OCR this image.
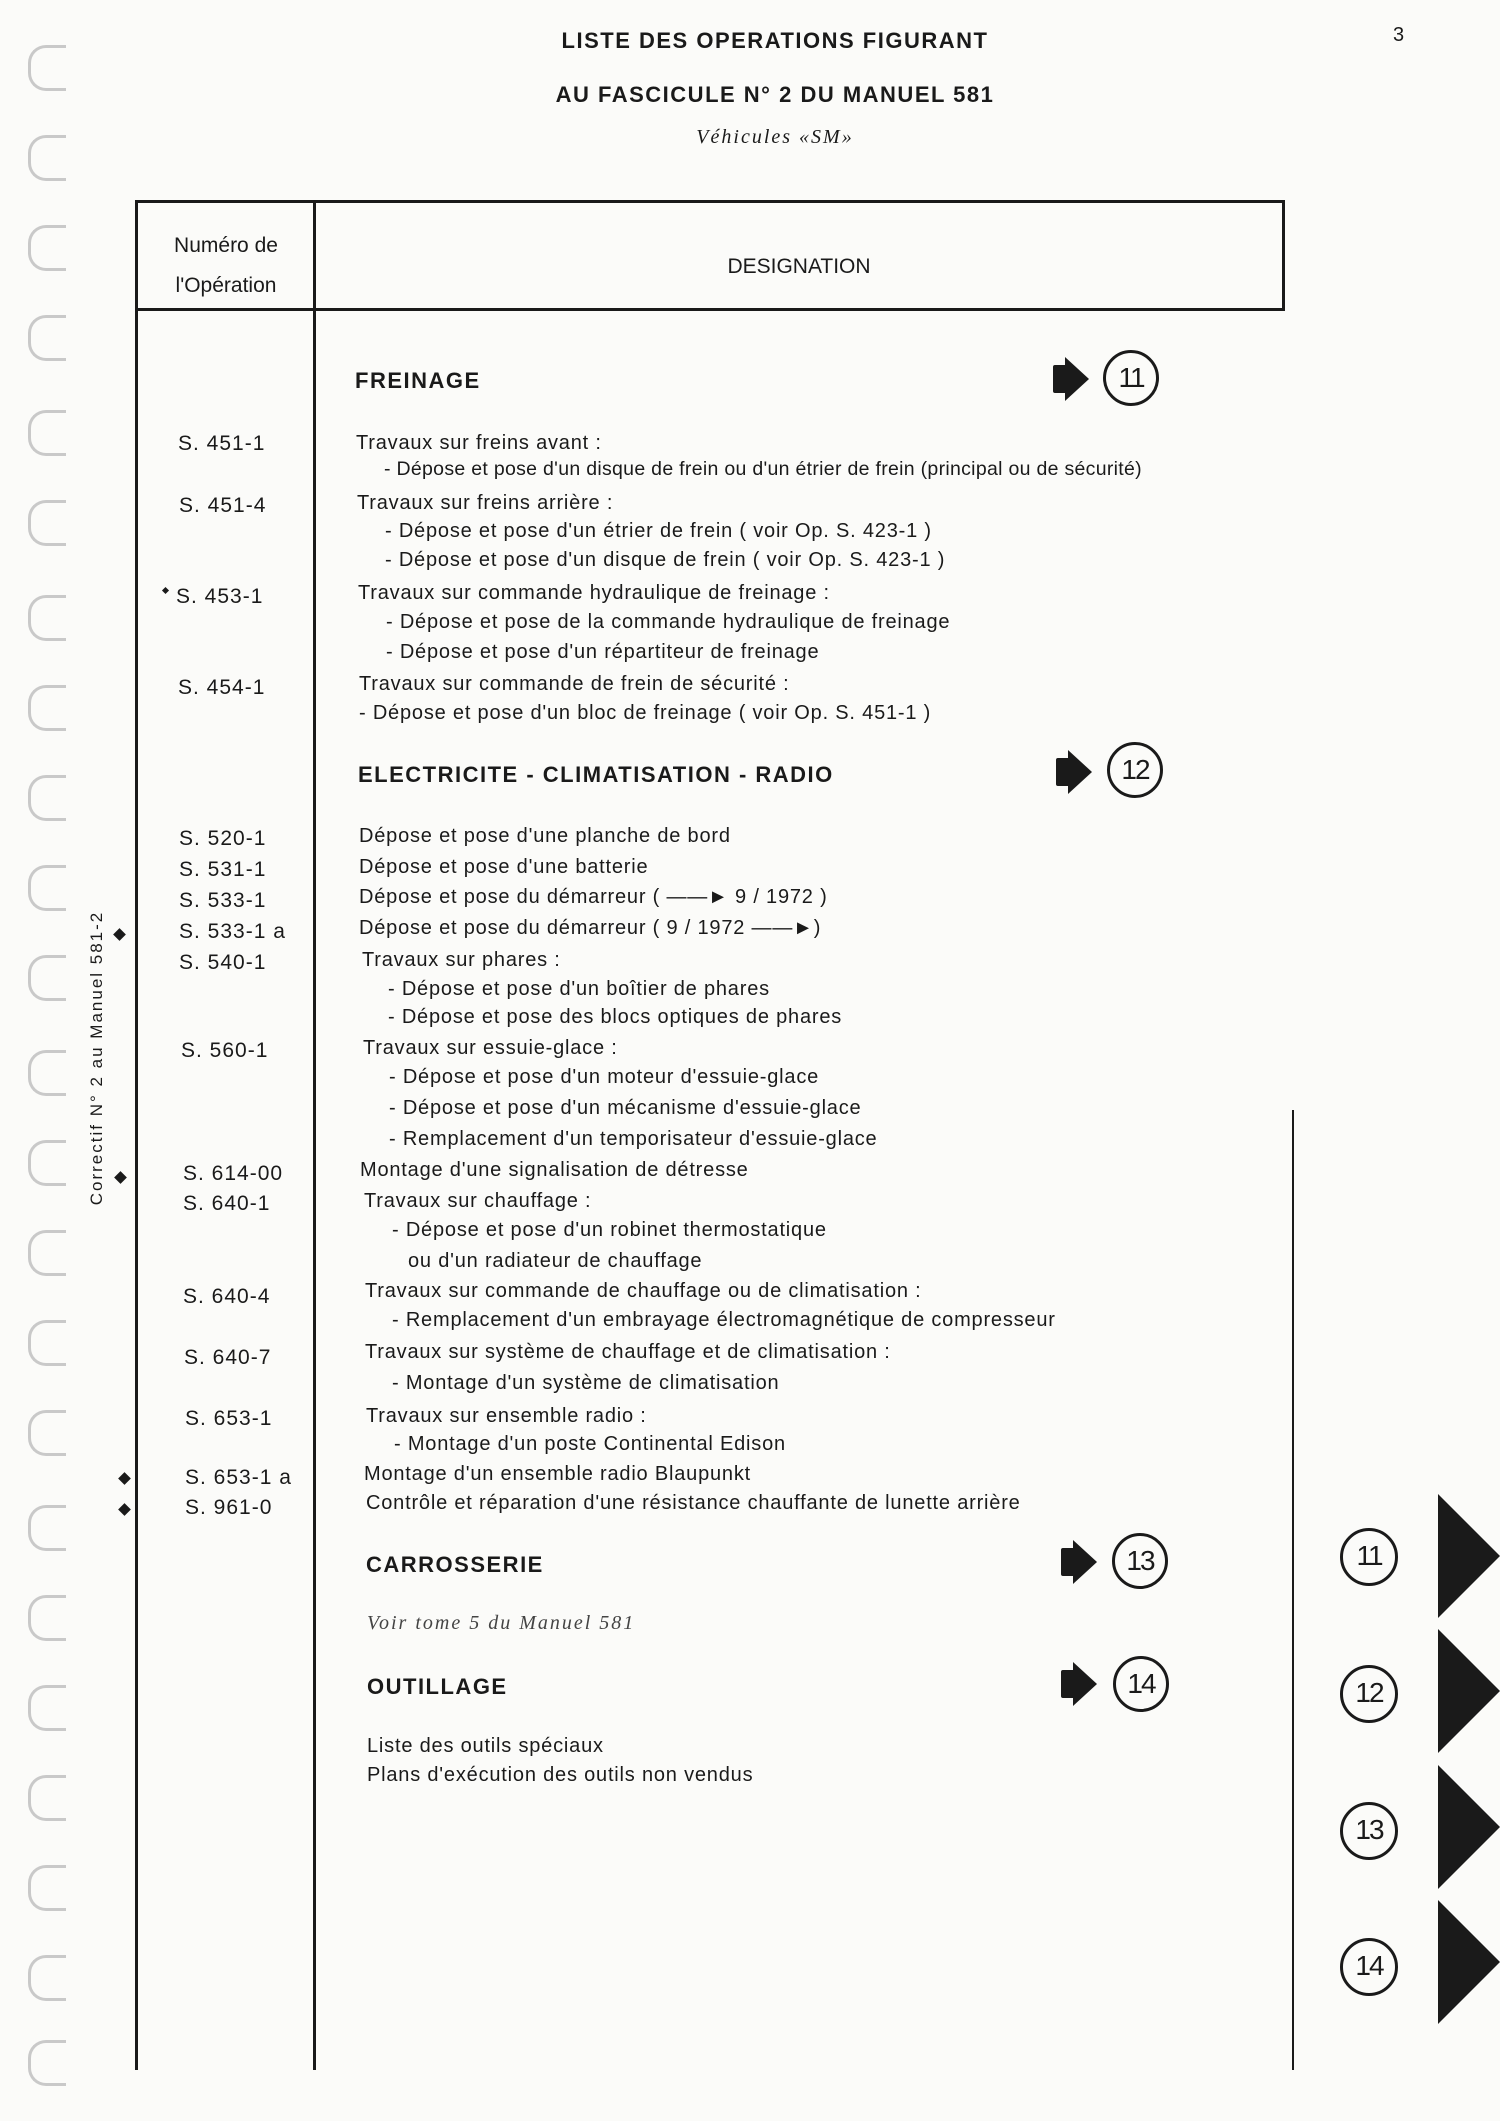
LISTE DES OPERATIONS FIGURANT
AU FASCICULE N° 2 DU MANUEL 581
Véhicules «SM»
3
Correctif N° 2 au Manuel 581-2
Numéro de l'Opération
DESIGNATION
FREINAGE	11
S. 451-1	Travaux sur freins avant :
- Dépose et pose d'un disque de frein ou d'un étrier de frein (principal ou de sécurité)
S. 451-4	Travaux sur freins arrière :
- Dépose et pose d'un étrier de frein ( voir Op. S. 423-1 )
- Dépose et pose d'un disque de frein ( voir Op. S. 423-1 )
S. 453-1	Travaux sur commande hydraulique de freinage :
- Dépose et pose de la commande hydraulique de freinage
- Dépose et pose d'un répartiteur de freinage
S. 454-1	Travaux sur commande de frein de sécurité :
- Dépose et pose d'un bloc de freinage ( voir Op. S. 451-1 )
ELECTRICITE - CLIMATISATION - RADIO	12
S. 520-1	Dépose et pose d'une planche de bord
S. 531-1	Dépose et pose d'une batterie
S. 533-1	Dépose et pose du démarreur ( ——► 9 / 1972 )
S. 533-1 a	Dépose et pose du démarreur ( 9 / 1972 ——►)
S. 540-1	Travaux sur phares :
- Dépose et pose d'un boîtier de phares
- Dépose et pose des blocs optiques de phares
S. 560-1	Travaux sur essuie-glace :
- Dépose et pose d'un moteur d'essuie-glace
- Dépose et pose d'un mécanisme d'essuie-glace
- Remplacement d'un temporisateur d'essuie-glace
S. 614-00	Montage d'une signalisation de détresse
S. 640-1	Travaux sur chauffage :
- Dépose et pose d'un robinet thermostatique
ou d'un radiateur de chauffage
S. 640-4	Travaux sur commande de chauffage ou de climatisation :
- Remplacement d'un embrayage électromagnétique de compresseur
S. 640-7	Travaux sur système de chauffage et de climatisation :
- Montage d'un système de climatisation
S. 653-1	Travaux sur ensemble radio :
- Montage d'un poste Continental Edison
S. 653-1 a	Montage d'un ensemble radio Blaupunkt
S. 961-0	Contrôle et réparation d'une résistance chauffante de lunette arrière
CARROSSERIE	13
Voir tome 5 du Manuel 581
OUTILLAGE	14
Liste des outils spéciaux
Plans d'exécution des outils non vendus
11
12
13
14
